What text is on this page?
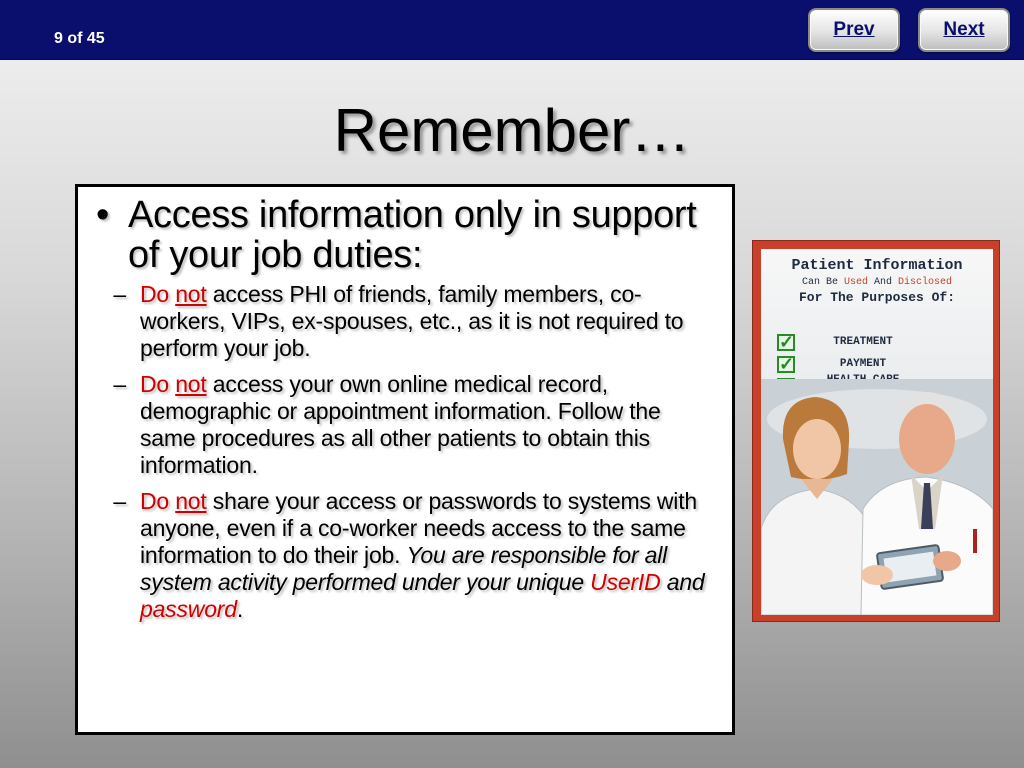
9 of 45	Prev	Next
Remember…
• Access information only in support of your job duties:
– Do not access PHI of friends, family members, co-workers, VIPs, ex-spouses, etc., as it is not required to perform your job.
– Do not access your own online medical record, demographic or appointment information. Follow the same procedures as all other patients to obtain this information.
– Do not share your access or passwords to systems with anyone, even if a co-worker needs access to the same information to do their job. You are responsible for all system activity performed under your unique UserID and password.
Patient Information
Can Be Used And Disclosed
For The Purposes Of:
✓	TREATMENT
✓	PAYMENT
